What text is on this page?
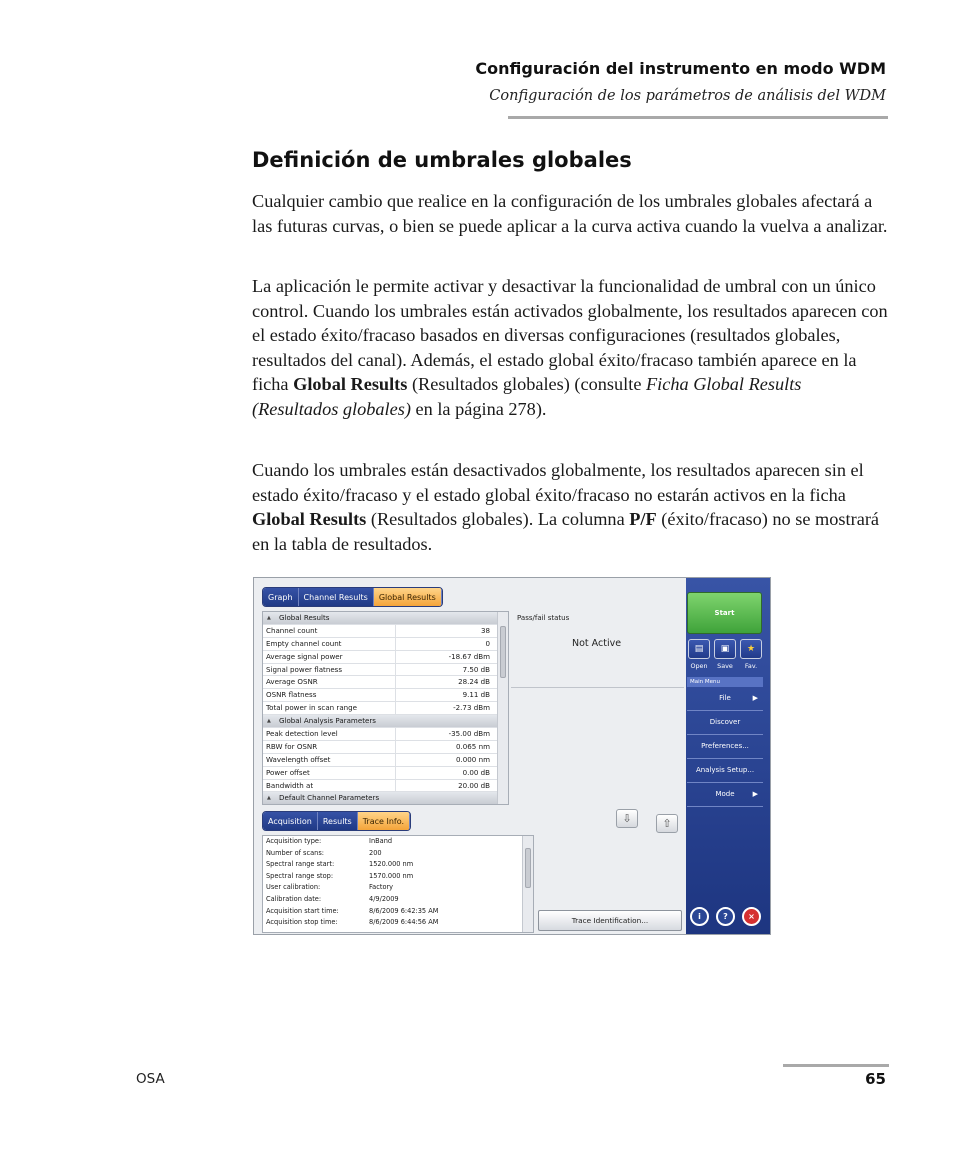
Configuración del instrumento en modo WDM
Configuración de los parámetros de análisis del WDM
Definición de umbrales globales

Cualquier cambio que realice en la configuración de los umbrales globales afectará a las futuras curvas, o bien se puede aplicar a la curva activa cuando la vuelva a analizar.

La aplicación le permite activar y desactivar la funcionalidad de umbral con un único control. Cuando los umbrales están activados globalmente, los resultados aparecen con el estado éxito/fracaso basados en diversas configuraciones (resultados globales, resultados del canal). Además, el estado global éxito/fracaso también aparece en la ficha Global Results (Resultados globales) (consulte Ficha Global Results (Resultados globales) en la página 278).

Cuando los umbrales están desactivados globalmente, los resultados aparecen sin el estado éxito/fracaso y el estado global éxito/fracaso no estarán activos en la ficha Global Results (Resultados globales). La columna P/F (éxito/fracaso) no se mostrará en la tabla de resultados.

Graph	Channel Results	Global Results
▲ Global Results
Channel count	38
Empty channel count	0
Average signal power	-18.67 dBm
Signal power flatness	7.50 dB
Average OSNR	28.24 dB
OSNR flatness	9.11 dB
Total power in scan range	-2.73 dBm
▲ Global Analysis Parameters
Peak detection level	-35.00 dBm
RBW for OSNR	0.065 nm
Wavelength offset	0.000 nm
Power offset	0.00 dB
Bandwidth at	20.00 dB
▲ Default Channel Parameters
Pass/fail status
Not Active
⇩	⇧
Acquisition	Results	Trace Info.
Acquisition type:	InBand
Number of scans:	200
Spectral range start:	1520.000 nm
Spectral range stop:	1570.000 nm
User calibration:	Factory
Calibration date:	4/9/2009
Acquisition start time:	8/6/2009 6:42:35 AM
Acquisition stop time:	8/6/2009 6:44:56 AM	Trace Identification...
Start
▤	▣	★
Open	Save	Fav.
Main Menu
File	▶
Discover
Preferences...
Analysis Setup...
Mode	▶
i	?	×
OSA	65
